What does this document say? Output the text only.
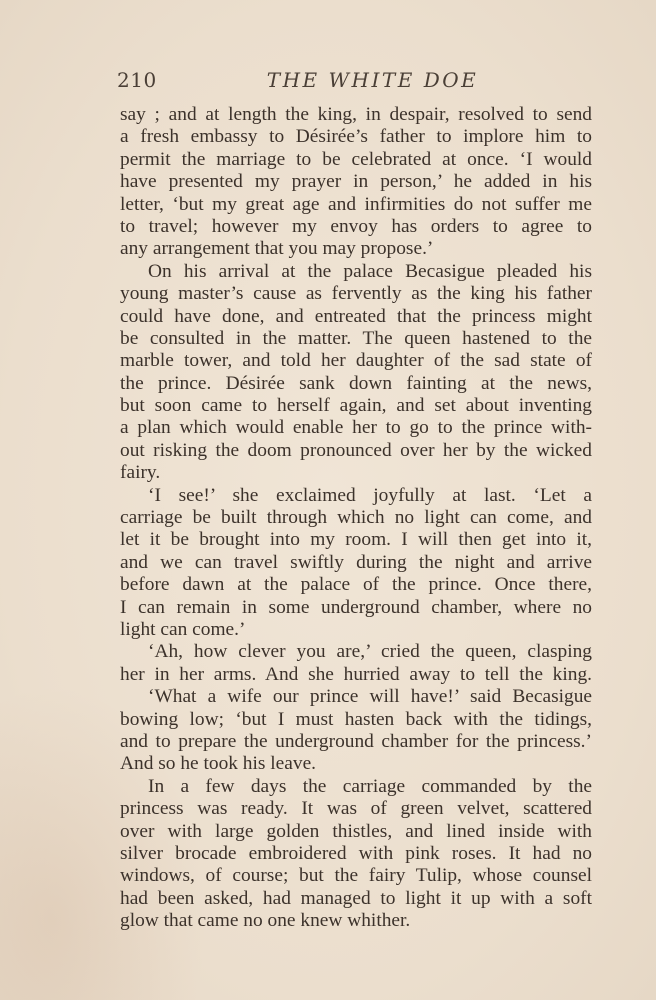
210	THE WHITE DOE
say ; and at length the king, in despair, resolved to send
a fresh embassy to Désirée’s father to implore him to
permit the marriage to be celebrated at once. ‘I would
have presented my prayer in person,’ he added in his
letter, ‘but my great age and infirmities do not suffer me
to travel; however my envoy has orders to agree to
any arrangement that you may propose.’
On his arrival at the palace Becasigue pleaded his
young master’s cause as fervently as the king his father
could have done, and entreated that the princess might
be consulted in the matter. The queen hastened to the
marble tower, and told her daughter of the sad state of
the prince. Désirée sank down fainting at the news,
but soon came to herself again, and set about inventing
a plan which would enable her to go to the prince with-
out risking the doom pronounced over her by the wicked
fairy.
‘I see!’ she exclaimed joyfully at last. ‘Let a
carriage be built through which no light can come, and
let it be brought into my room. I will then get into it,
and we can travel swiftly during the night and arrive
before dawn at the palace of the prince. Once there,
I can remain in some underground chamber, where no
light can come.’
‘Ah, how clever you are,’ cried the queen, clasping
her in her arms. And she hurried away to tell the king.
‘What a wife our prince will have!’ said Becasigue
bowing low; ‘but I must hasten back with the tidings,
and to prepare the underground chamber for the princess.’
And so he took his leave.
In a few days the carriage commanded by the
princess was ready. It was of green velvet, scattered
over with large golden thistles, and lined inside with
silver brocade embroidered with pink roses. It had no
windows, of course; but the fairy Tulip, whose counsel
had been asked, had managed to light it up with a soft
glow that came no one knew whither.
